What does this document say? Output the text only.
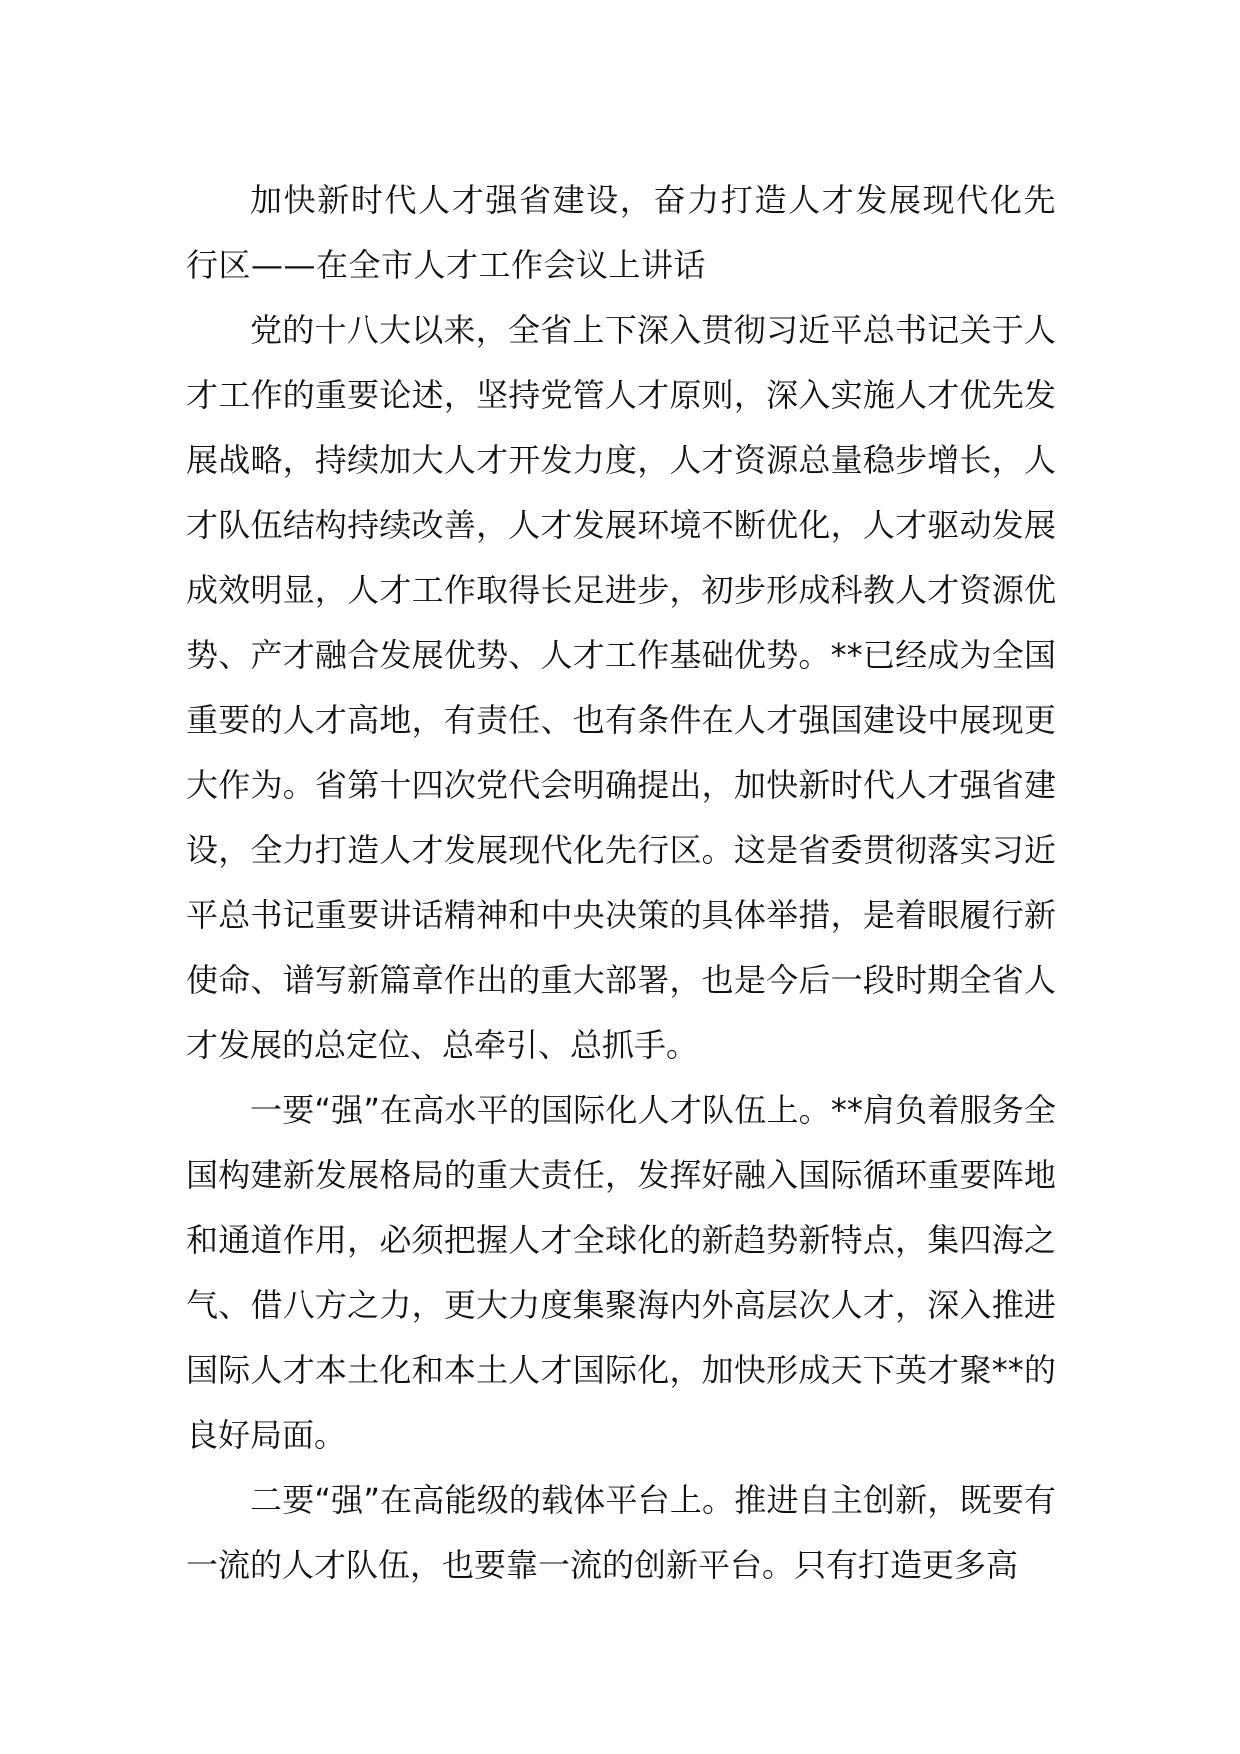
加快新时代人才强省建设，奋力打造人才发展现代化先行区——在全市人才工作会议上讲话

党的十八大以来，全省上下深入贯彻习近平总书记关于人才工作的重要论述，坚持党管人才原则，深入实施人才优先发展战略，持续加大人才开发力度，人才资源总量稳步增长，人才队伍结构持续改善，人才发展环境不断优化，人才驱动发展成效明显，人才工作取得长足进步，初步形成科教人才资源优势、产才融合发展优势、人才工作基础优势。**已经成为全国重要的人才高地，有责任、也有条件在人才强国建设中展现更大作为。省第十四次党代会明确提出，加快新时代人才强省建设，全力打造人才发展现代化先行区。这是省委贯彻落实习近平总书记重要讲话精神和中央决策的具体举措，是着眼履行新使命、谱写新篇章作出的重大部署，也是今后一段时期全省人才发展的总定位、总牵引、总抓手。

一要“强”在高水平的国际化人才队伍上。**肩负着服务全国构建新发展格局的重大责任，发挥好融入国际循环重要阵地和通道作用，必须把握人才全球化的新趋势新特点，集四海之气、借八方之力，更大力度集聚海内外高层次人才，深入推进国际人才本土化和本土人才国际化，加快形成天下英才聚**的良好局面。

二要“强”在高能级的载体平台上。推进自主创新，既要有一流的人才队伍，也要靠一流的创新平台。只有打造更多高
